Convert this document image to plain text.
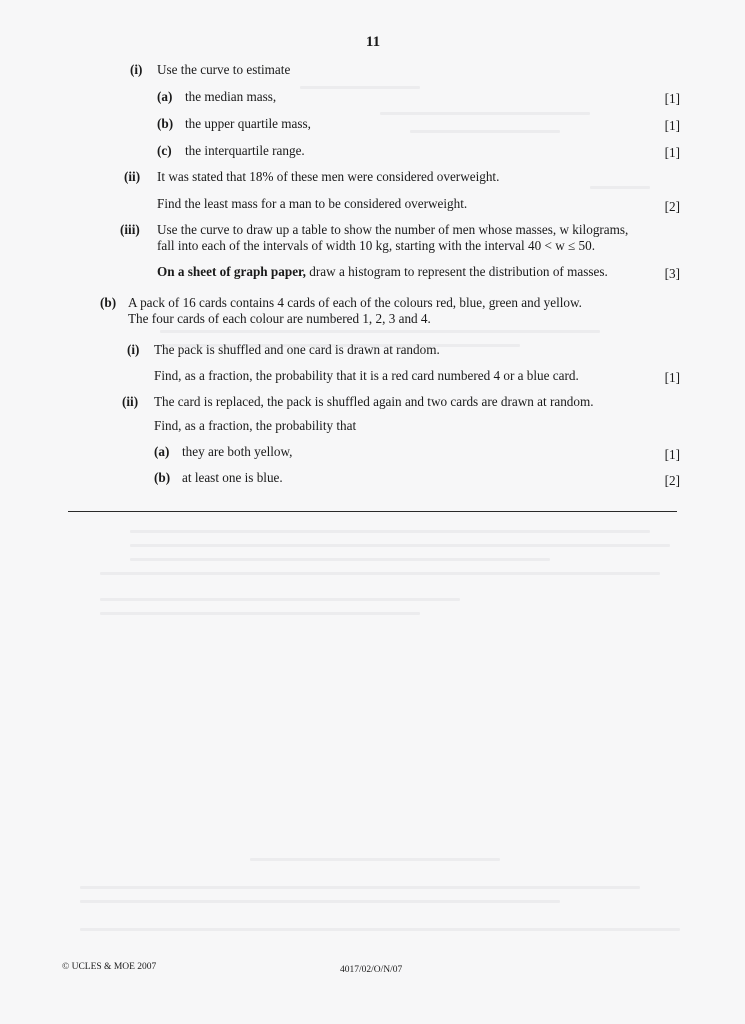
11
(i) Use the curve to estimate
(a) the median mass,	[1]
(b) the upper quartile mass,	[1]
(c) the interquartile range.	[1]
(ii) It was stated that 18% of these men were considered overweight.
Find the least mass for a man to be considered overweight.	[2]
(iii) Use the curve to draw up a table to show the number of men whose masses, w kilograms,
fall into each of the intervals of width 10 kg, starting with the interval 40 < w ≤ 50.
On a sheet of graph paper, draw a histogram to represent the distribution of masses.	[3]
(b) A pack of 16 cards contains 4 cards of each of the colours red, blue, green and yellow.
The four cards of each colour are numbered 1, 2, 3 and 4.
(i) The pack is shuffled and one card is drawn at random.
Find, as a fraction, the probability that it is a red card numbered 4 or a blue card.	[1]
(ii) The card is replaced, the pack is shuffled again and two cards are drawn at random.
Find, as a fraction, the probability that
(a) they are both yellow,	[1]
(b) at least one is blue.	[2]
© UCLES & MOE 2007	4017/02/O/N/07
